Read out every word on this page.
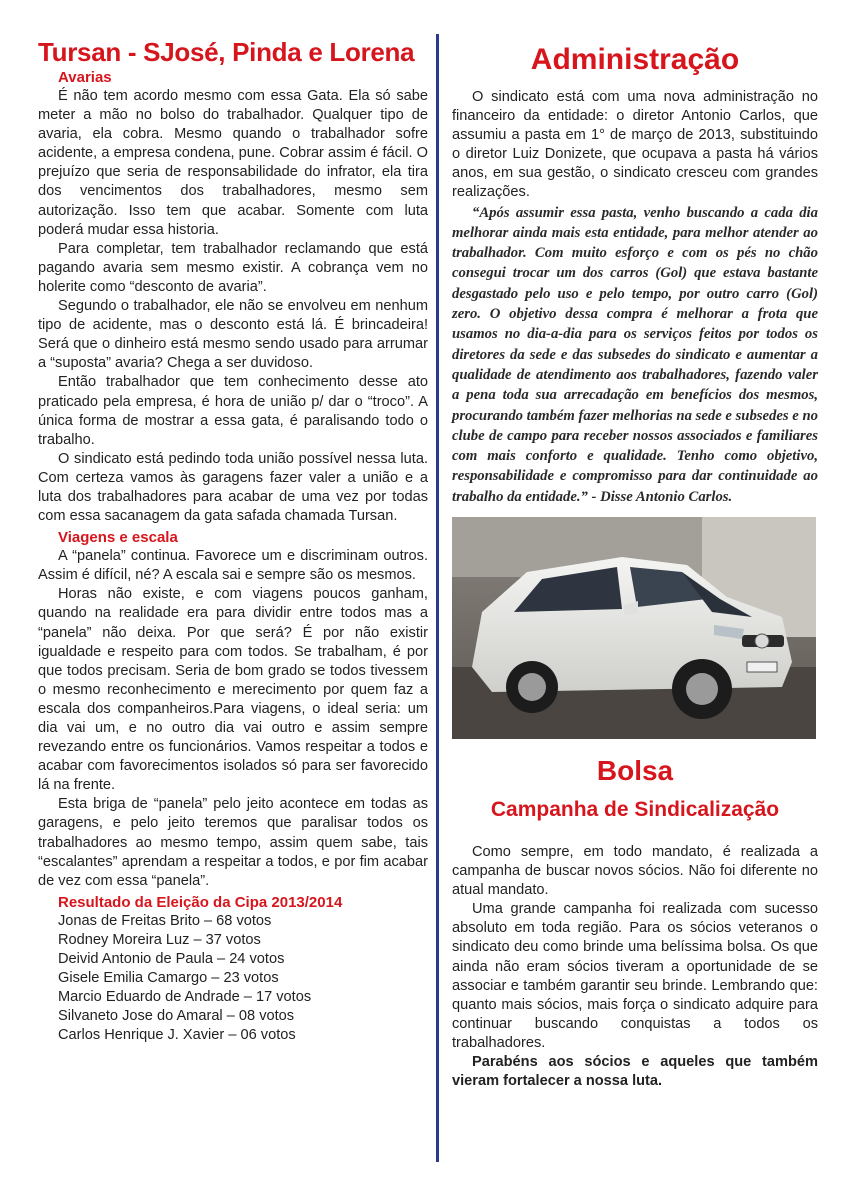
Tursan - SJosé, Pinda e Lorena
Avarias

É não tem acordo mesmo com essa Gata. Ela só sabe meter a mão no bolso do trabalhador. Qualquer tipo de avaria, ela cobra. Mesmo quando o trabalhador sofre acidente, a empresa condena, pune. Cobrar assim é fácil. O prejuízo que seria de responsabilidade do infrator, ela tira dos vencimentos dos trabalhadores, mesmo sem autorização. Isso tem que acabar. Somente com luta poderá mudar essa historia.

Para completar, tem trabalhador reclamando que está pagando avaria sem mesmo existir. A cobrança vem no holerite como “desconto de avaria”.

Segundo o trabalhador, ele não se envolveu em nenhum tipo de acidente, mas o desconto está lá. É brincadeira! Será que o dinheiro está mesmo sendo usado para arrumar a “suposta” avaria? Chega a ser duvidoso.

Então trabalhador que tem conhecimento desse ato praticado pela empresa, é hora de união p/ dar o “troco”. A única forma de mostrar a essa gata, é paralisando todo o trabalho.

O sindicato está pedindo toda união possível nessa luta. Com certeza vamos às garagens fazer valer a união e a luta dos trabalhadores para acabar de uma vez por todas com essa sacanagem da gata safada chamada Tursan.

Viagens e escala

A “panela” continua. Favorece um e discriminam outros. Assim é difícil, né? A escala sai e sempre são os mesmos.

Horas não existe, e com viagens poucos ganham, quando na realidade era para dividir entre todos mas a “panela” não deixa. Por que será? É por não existir igualdade e respeito para com todos. Se trabalham, é por que todos precisam. Seria de bom grado se todos tivessem o mesmo reconhecimento e merecimento por quem faz a escala dos companheiros.Para viagens, o ideal seria: um dia vai um, e no outro dia vai outro e assim sempre revezando entre os funcionários. Vamos respeitar a todos e acabar com favorecimentos isolados só para ser favorecido lá na frente.

Esta briga de “panela” pelo jeito acontece em todas as garagens, e pelo jeito teremos que paralisar todos os trabalhadores ao mesmo tempo, assim quem sabe, tais “escalantes” aprendam a respeitar a todos, e por fim acabar de vez com essa “panela”.

Resultado da Eleição da Cipa 2013/2014
Jonas de Freitas Brito – 68 votos
Rodney Moreira Luz – 37 votos
Deivid Antonio de Paula – 24 votos
Gisele Emilia Camargo – 23 votos
Marcio Eduardo de Andrade – 17 votos
Silvaneto Jose do Amaral – 08 votos
Carlos Henrique J. Xavier – 06 votos
Administração

O sindicato está com uma nova administração no financeiro da entidade: o diretor Antonio Carlos, que assumiu a pasta em 1° de março de 2013, substituindo o diretor Luiz Donizete, que ocupava a pasta há vários anos, em sua gestão, o sindicato cresceu com grandes realizações.

“Após assumir essa pasta, venho buscando a cada dia melhorar ainda mais esta entidade, para melhor atender ao trabalhador. Com muito esforço e com os pés no chão consegui trocar um dos carros (Gol) que estava bastante desgastado pelo uso e pelo tempo, por outro carro (Gol) zero. O objetivo dessa compra é melhorar a frota que usamos no dia-a-dia para os serviços feitos por todos os diretores da sede e das subsedes do sindicato e aumentar a qualidade de atendimento aos trabalhadores, fazendo valer a pena toda sua arrecadação em benefícios dos mesmos, procurando também fazer melhorias na sede e subsedes e no clube de campo para receber nossos associados e familiares com mais conforto e qualidade. Tenho como objetivo, responsabilidade e compromisso para dar continuidade ao trabalho da entidade.” - Disse Antonio Carlos.

Bolsa
Campanha de Sindicalização

Como sempre, em todo mandato, é realizada a campanha de buscar novos sócios. Não foi diferente no atual mandato.

Uma grande campanha foi realizada com sucesso absoluto em toda região. Para os sócios veteranos o sindicato deu como brinde uma belíssima bolsa. Os que ainda não eram sócios tiveram a oportunidade de se associar e também garantir seu brinde. Lembrando que: quanto mais sócios, mais força o sindicato adquire para continuar buscando conquistas a todos os trabalhadores.

Parabéns aos sócios e aqueles que também vieram fortalecer a nossa luta.
